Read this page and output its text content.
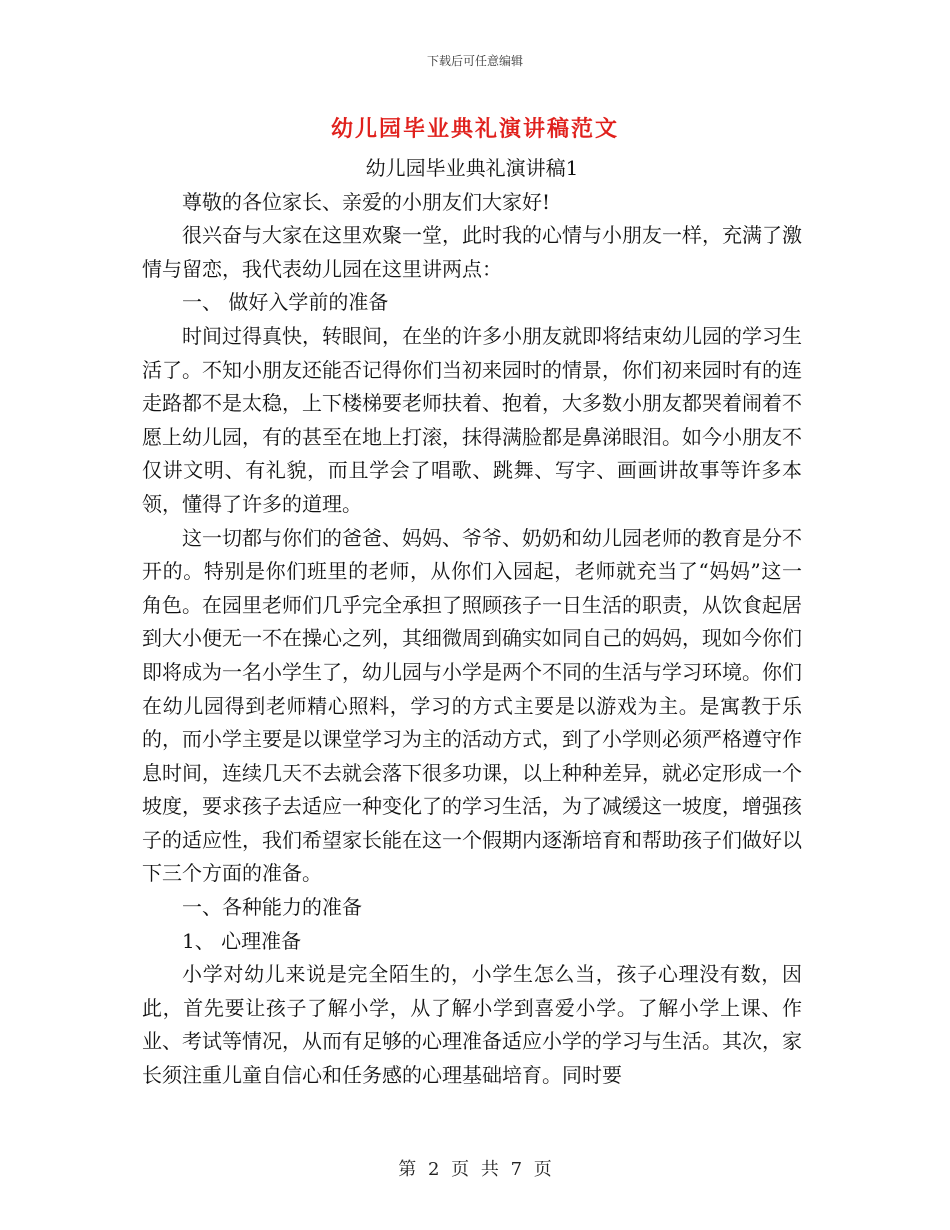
下载后可任意编辑
幼儿园毕业典礼演讲稿范文

幼儿园毕业典礼演讲稿1

尊敬的各位家长、亲爱的小朋友们大家好!

很兴奋与大家在这里欢聚一堂，此时我的心情与小朋友一样，充满了激情与留恋，我代表幼儿园在这里讲两点：

一、 做好入学前的准备

时间过得真快，转眼间，在坐的许多小朋友就即将结束幼儿园的学习生活了。不知小朋友还能否记得你们当初来园时的情景，你们初来园时有的连走路都不是太稳，上下楼梯要老师扶着、抱着，大多数小朋友都哭着闹着不愿上幼儿园，有的甚至在地上打滚，抹得满脸都是鼻涕眼泪。如今小朋友不仅讲文明、有礼貌，而且学会了唱歌、跳舞、写字、画画讲故事等许多本领，懂得了许多的道理。

这一切都与你们的爸爸、妈妈、爷爷、奶奶和幼儿园老师的教育是分不开的。特别是你们班里的老师，从你们入园起，老师就充当了“妈妈”这一角色。在园里老师们几乎完全承担了照顾孩子一日生活的职责，从饮食起居到大小便无一不在操心之列，其细微周到确实如同自己的妈妈，现如今你们即将成为一名小学生了，幼儿园与小学是两个不同的生活与学习环境。你们在幼儿园得到老师精心照料，学习的方式主要是以游戏为主。是寓教于乐的，而小学主要是以课堂学习为主的活动方式，到了小学则必须严格遵守作息时间，连续几天不去就会落下很多功课，以上种种差异，就必定形成一个坡度，要求孩子去适应一种变化了的学习生活，为了减缓这一坡度，增强孩子的适应性，我们希望家长能在这一个假期内逐渐培育和帮助孩子们做好以下三个方面的准备。

一、各种能力的准备

1、 心理准备

小学对幼儿来说是完全陌生的，小学生怎么当，孩子心理没有数，因此，首先要让孩子了解小学，从了解小学到喜爱小学。了解小学上课、作业、考试等情况，从而有足够的心理准备适应小学的学习与生活。其次，家长须注重儿童自信心和任务感的心理基础培育。同时要

第 2 页 共 7 页
